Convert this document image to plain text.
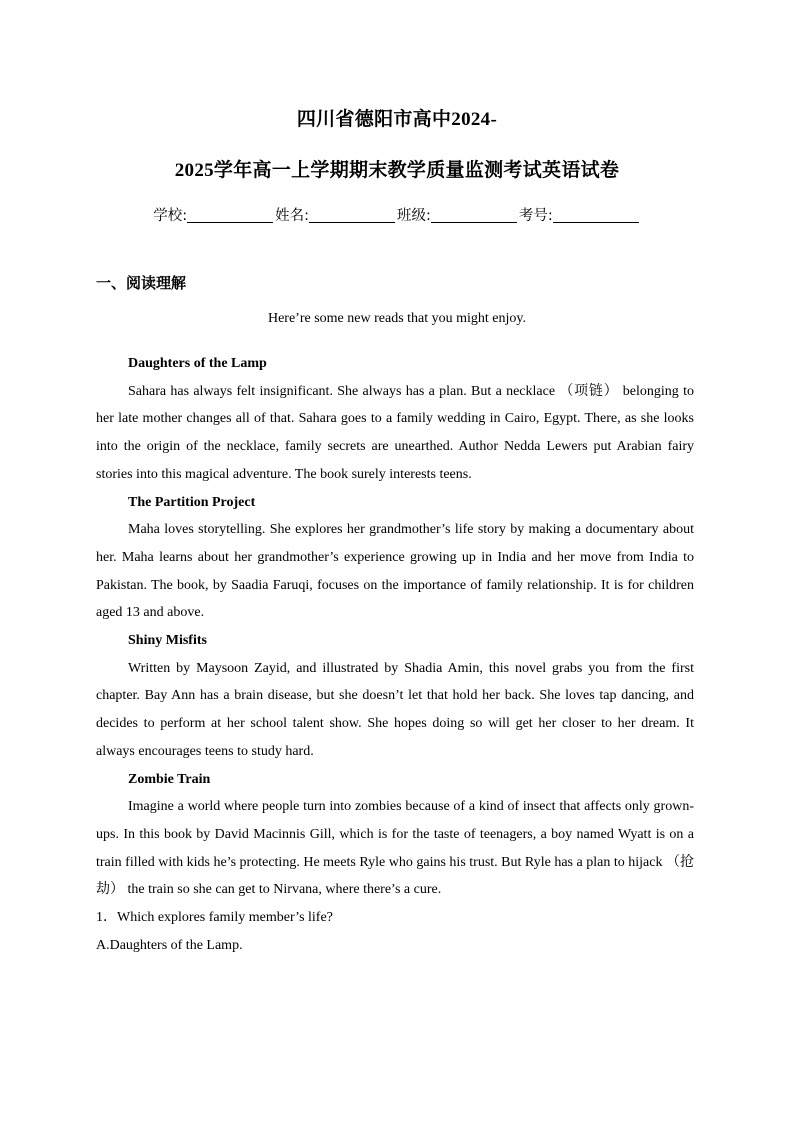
四川省德阳市高中2024-
2025学年高一上学期期末教学质量监测考试英语试卷
学校:	姓名:	班级:	考号:
一、阅读理解
Here’re some new reads that you might enjoy.
Daughters of the Lamp
Sahara has always felt insignificant. She always has a plan. But a necklace （项链） belonging to her late mother changes all of that. Sahara goes to a family wedding in Cairo, Egypt. There, as she looks into the origin of the necklace, family secrets are unearthed. Author Nedda Lewers put Arabian fairy stories into this magical adventure. The book surely interests teens.
The Partition Project
Maha loves storytelling. She explores her grandmother’s life story by making a documentary about her. Maha learns about her grandmother’s experience growing up in India and her move from India to Pakistan. The book, by Saadia Faruqi, focuses on the importance of family relationship. It is for children aged 13 and above.
Shiny Misfits
Written by Maysoon Zayid, and illustrated by Shadia Amin, this novel grabs you from the first chapter. Bay Ann has a brain disease, but she doesn’t let that hold her back. She loves tap dancing, and decides to perform at her school talent show. She hopes doing so will get her closer to her dream. It always encourages teens to study hard.
Zombie Train
Imagine a world where people turn into zombies because of a kind of insect that affects only grown-ups. In this book by David Macinnis Gill, which is for the taste of teenagers, a boy named Wyatt is on a train filled with kids he’s protecting. He meets Ryle who gains his trust. But Ryle has a plan to hijack （抢劫） the train so she can get to Nirvana, where there’s a cure.
1．Which explores family member’s life?
A.Daughters of the Lamp.
